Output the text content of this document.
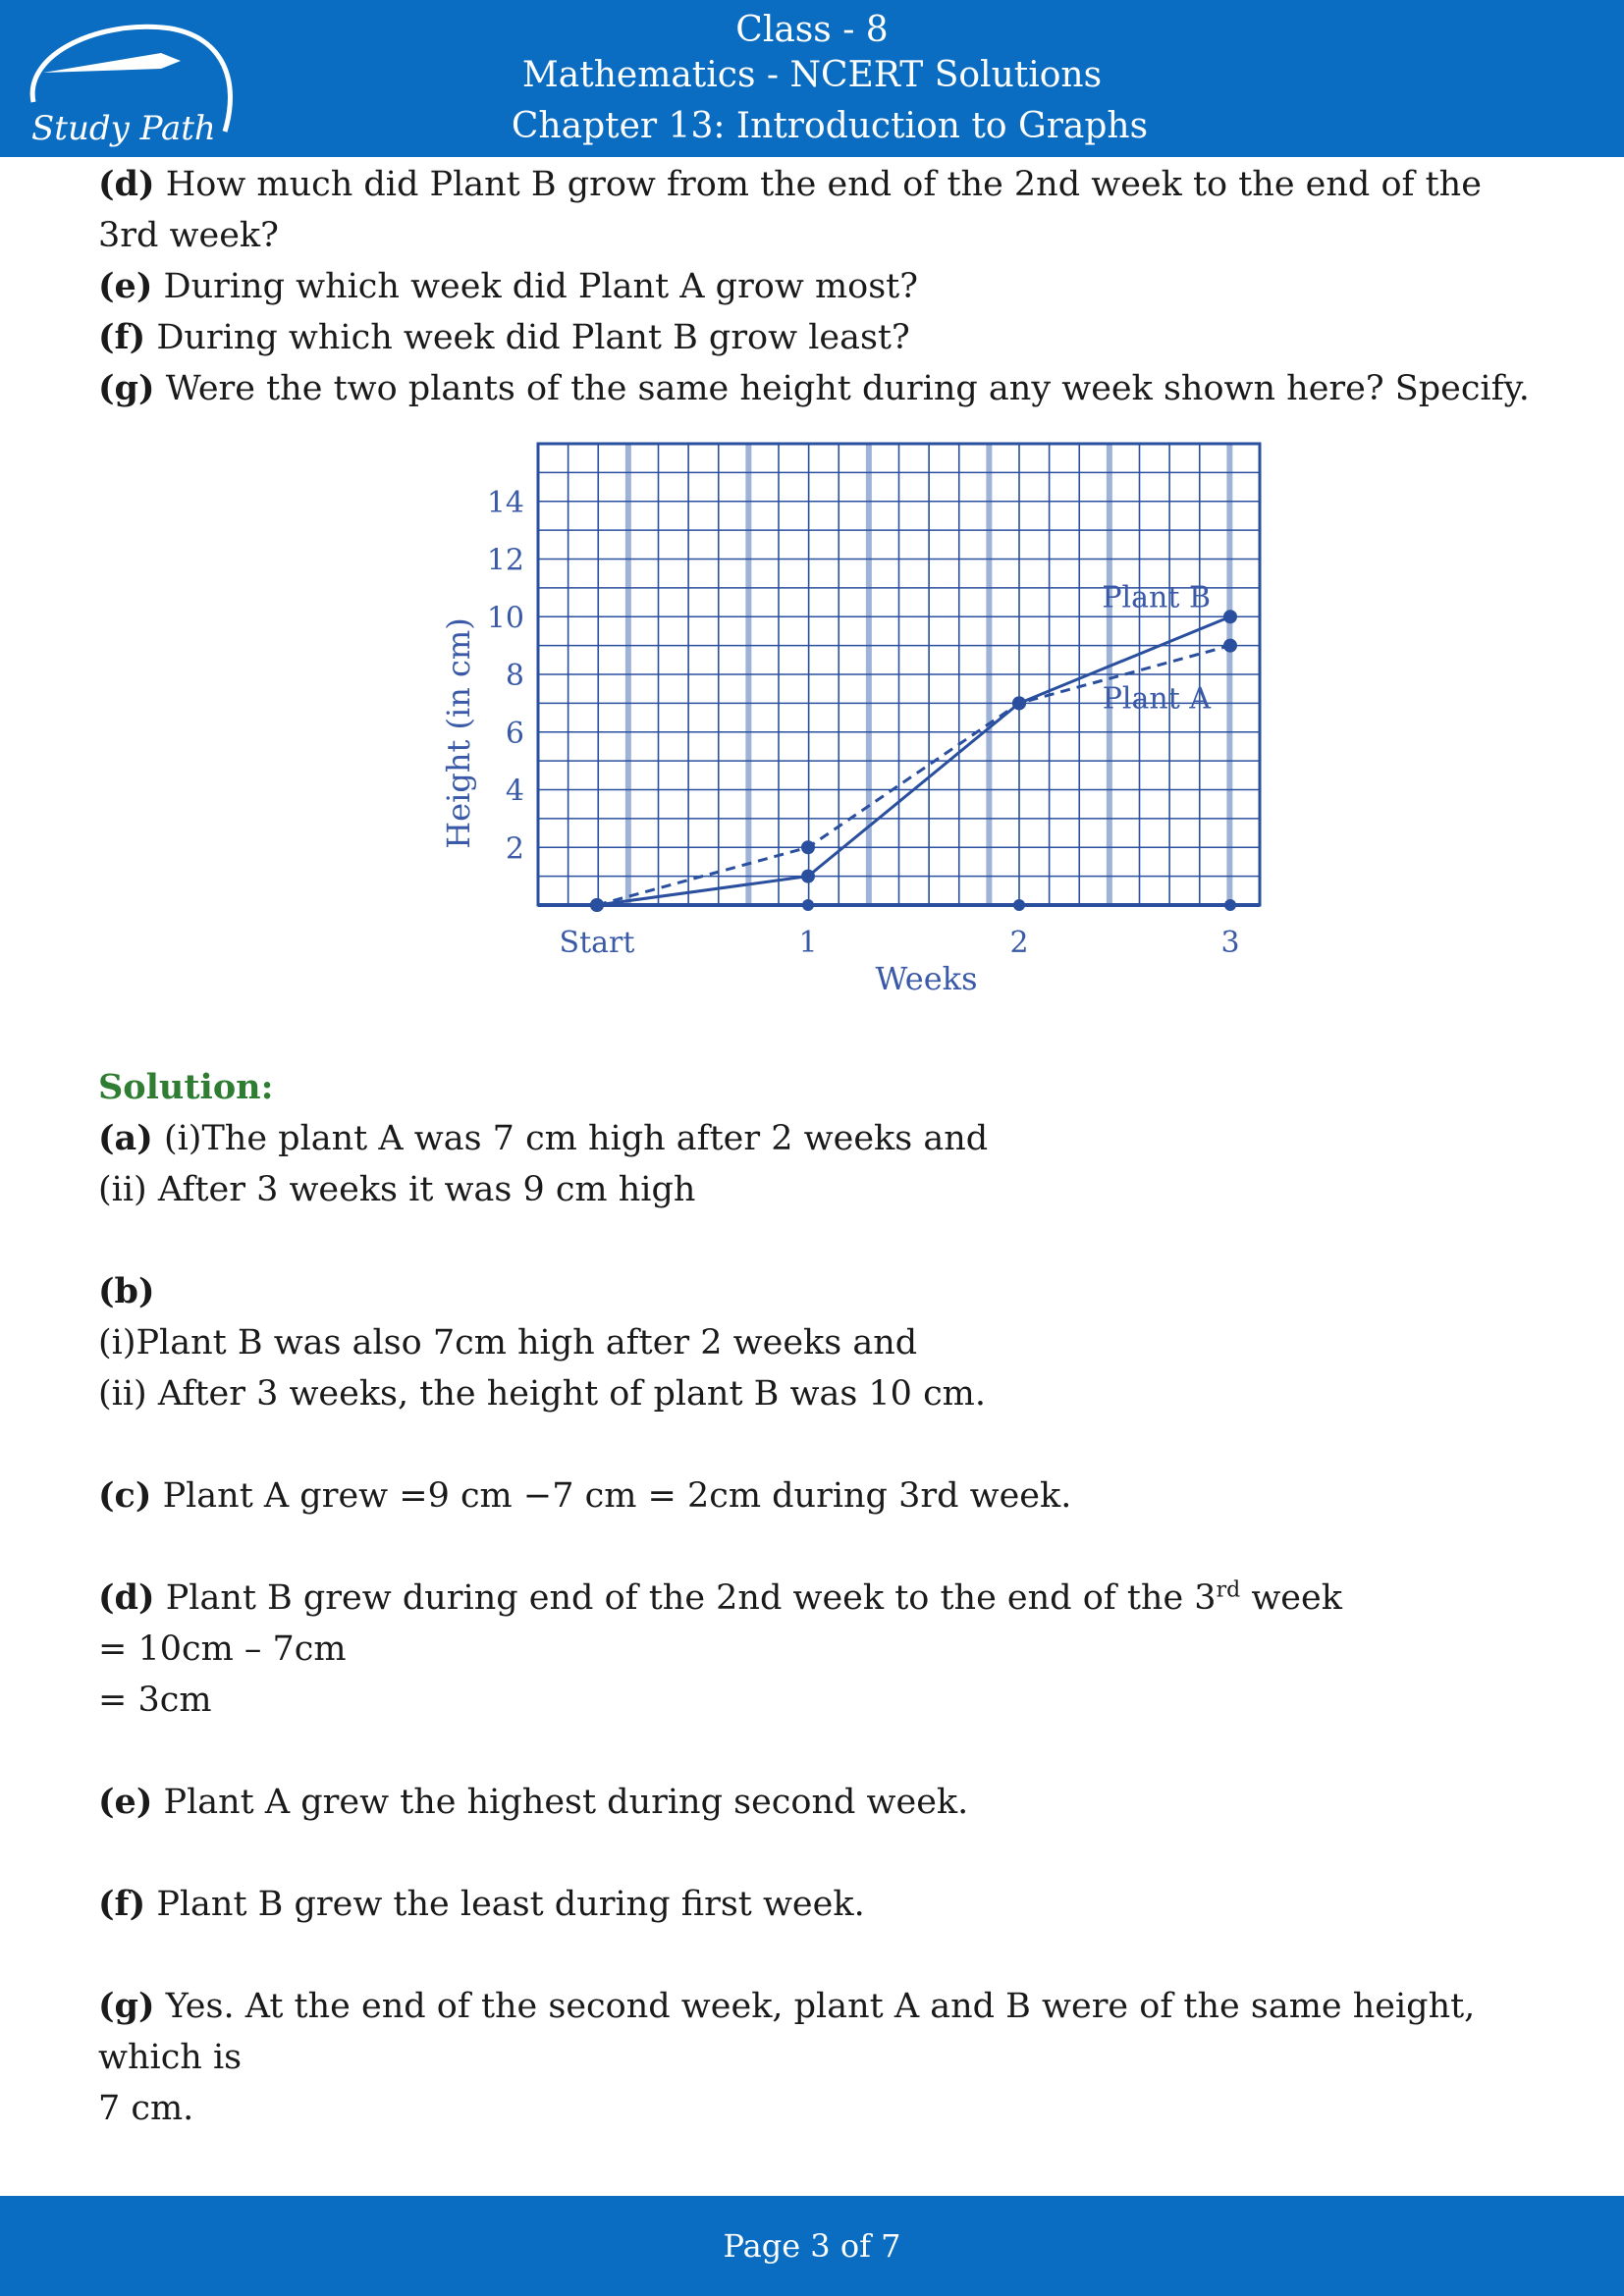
Study Path
Class - 8
Mathematics - NCERT Solutions
Chapter 13: Introduction to Graphs
(d) How much did Plant B grow from the end of the 2nd week to the end of the
3rd week?
(e) During which week did Plant A grow most?
(f) During which week did Plant B grow least?
(g) Were the two plants of the same height during any week shown here? Specify.
2
4
6
8
10
12
14
Start	1	2	3
Weeks
Height (in cm)	Plant A
Plant B
Solution:
(a) (i)The plant A was 7 cm high after 2 weeks and
(ii) After 3 weeks it was 9 cm high
(b)
(i)Plant B was also 7cm high after 2 weeks and
(ii) After 3 weeks, the height of plant B was 10 cm.
(c) Plant A grew =9 cm −7 cm = 2cm during 3rd week.
(d) Plant B grew during end of the 2nd week to the end of the 3rd week
= 10cm – 7cm
= 3cm
(e) Plant A grew the highest during second week.
(f) Plant B grew the least during first week.
(g) Yes. At the end of the second week, plant A and B were of the same height, which is
7 cm.
Page 3 of 7
